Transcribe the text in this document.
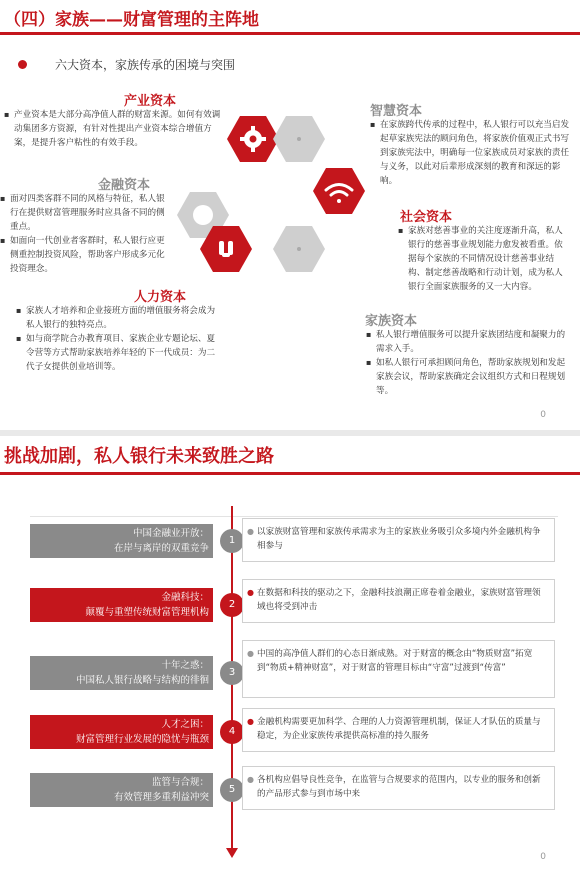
（四）家族——财富管理的主阵地
六大资本，家族传承的困境与突围
产业资本
▪ 产业资本是大部分高净值人群的财富来源。如何有效调动集团多方资源，有针对性提出产业资本综合增值方案，是提升客户粘性的有效手段。
金融资本
▪ 面对四类客群不同的风格与特征，私人银行在提供财富管理服务时应具备不同的侧重点。
▪ 如面向一代创业者客群时，私人银行应更侧重控制投资风险，帮助客户形成多元化投资理念。
人力资本
▪ 家族人才培养和企业接班方面的增值服务将会成为私人银行的独特亮点。
▪ 如与商学院合办教育项目、家族企业专题论坛、夏令营等方式帮助家族培养年轻的下一代成员：为二代子女提供创业培训等。
智慧资本
▪ 在家族跨代传承的过程中，私人银行可以充当启发起草家族宪法的顾问角色，将家族价值观正式书写到家族宪法中，明确每一位家族成员对家族的责任与义务，以此对后辈形成深刻的教育和深远的影响。
社会资本
▪ 家族对慈善事业的关注度逐渐升高，私人银行的慈善事业规划能力愈发被看重。依据每个家族的不同情况设计慈善事业结构、制定慈善战略和行动计划，成为私人银行全面家族服务的又一大内容。
家族资本
▪ 私人银行增值服务可以提升家族团结度和凝聚力的需求入手。
▪ 如私人银行可承担顾问角色，帮助家族规划和发起家族会议，帮助家族确定会议组织方式和日程规划等。
0
挑战加剧，私人银行未来致胜之路
中国金融业开放：
在岸与离岸的双重竞争
1
● 以家族财富管理和家族传承需求为主的家族业务吸引众多境内外金融机构争相参与
金融科技：
颠覆与重塑传统财富管理机构
2
● 在数据和科技的驱动之下，金融科技浪潮正席卷着金融业，家族财富管理领域也将受到冲击
十年之惑：
中国私人银行战略与结构的徘徊
3
● 中国的高净值人群们的心态日渐成熟。对于财富的概念由“物质财富”拓宽到“物质+精神财富”，对于财富的管理目标由“守富”过渡到“传富”
人才之困：
财富管理行业发展的隐忧与瓶颈
4
● 金融机构需要更加科学、合理的人力资源管理机制，保证人才队伍的质量与稳定，为企业家族传承提供高标准的持久服务
监管与合规：
有效管理多重利益冲突
5
● 各机构应倡导良性竞争，在监管与合规要求的范围内，以专业的服务和创新的产品形式参与到市场中来
0
